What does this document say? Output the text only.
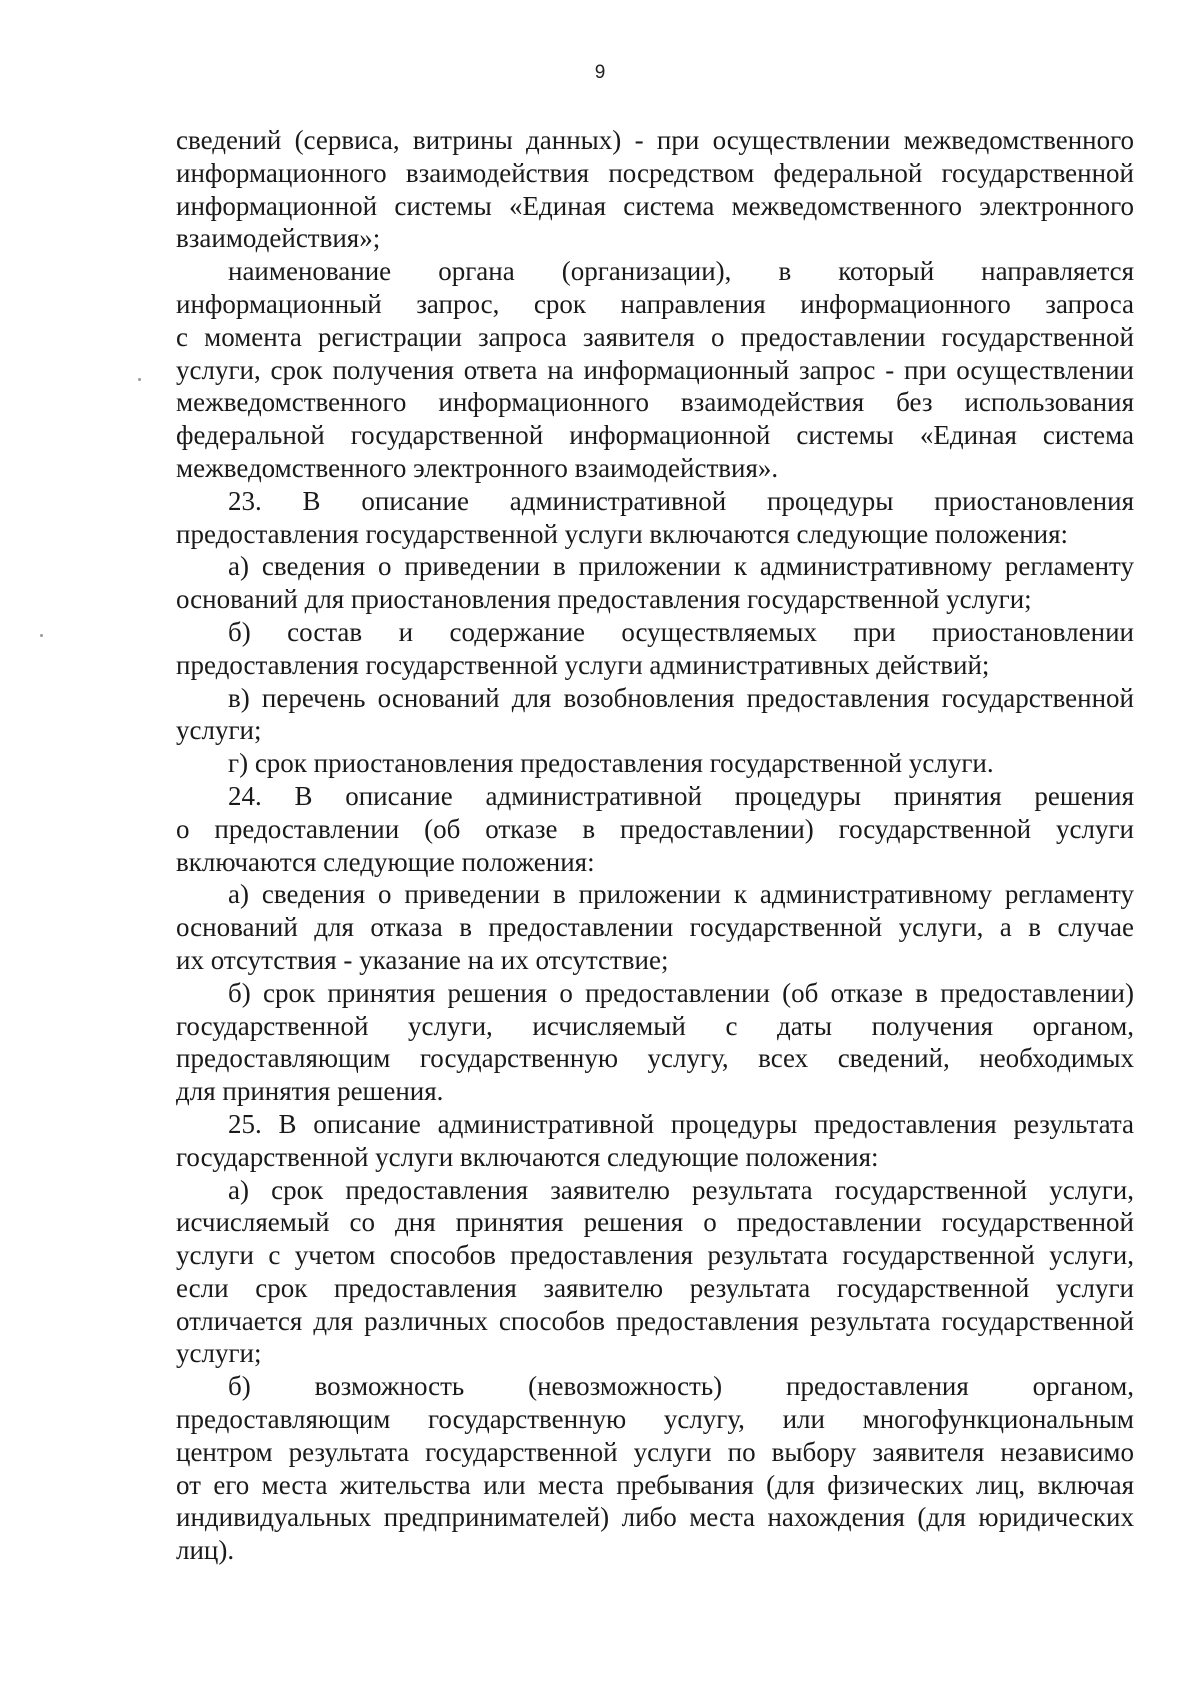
9

сведений (сервиса, витрины данных) - при осуществлении межведомственного
информационного взаимодействия посредством федеральной государственной
информационной системы «Единая система межведомственного электронного
взаимодействия»;

наименование органа (организации), в который направляется
информационный запрос, срок направления информационного запроса
с момента регистрации запроса заявителя о предоставлении государственной
услуги, срок получения ответа на информационный запрос - при осуществлении
межведомственного информационного взаимодействия без использования
федеральной государственной информационной системы «Единая система
межведомственного электронного взаимодействия».

23. В описание административной процедуры приостановления
предоставления государственной услуги включаются следующие положения:

а) сведения о приведении в приложении к административному регламенту
оснований для приостановления предоставления государственной услуги;

б) состав и содержание осуществляемых при приостановлении
предоставления государственной услуги административных действий;

в) перечень оснований для возобновления предоставления государственной
услуги;

г) срок приостановления предоставления государственной услуги.

24. В описание административной процедуры принятия решения
о предоставлении (об отказе в предоставлении) государственной услуги
включаются следующие положения:

а) сведения о приведении в приложении к административному регламенту
оснований для отказа в предоставлении государственной услуги, а в случае
их отсутствия - указание на их отсутствие;

б) срок принятия решения о предоставлении (об отказе в предоставлении)
государственной услуги, исчисляемый с даты получения органом,
предоставляющим государственную услугу, всех сведений, необходимых
для принятия решения.

25. В описание административной процедуры предоставления результата
государственной услуги включаются следующие положения:

а) срок предоставления заявителю результата государственной услуги,
исчисляемый со дня принятия решения о предоставлении государственной
услуги с учетом способов предоставления результата государственной услуги,
если срок предоставления заявителю результата государственной услуги
отличается для различных способов предоставления результата государственной
услуги;

б) возможность (невозможность) предоставления органом,
предоставляющим государственную услугу, или многофункциональным
центром результата государственной услуги по выбору заявителя независимо
от его места жительства или места пребывания (для физических лиц, включая
индивидуальных предпринимателей) либо места нахождения (для юридических
лиц).
